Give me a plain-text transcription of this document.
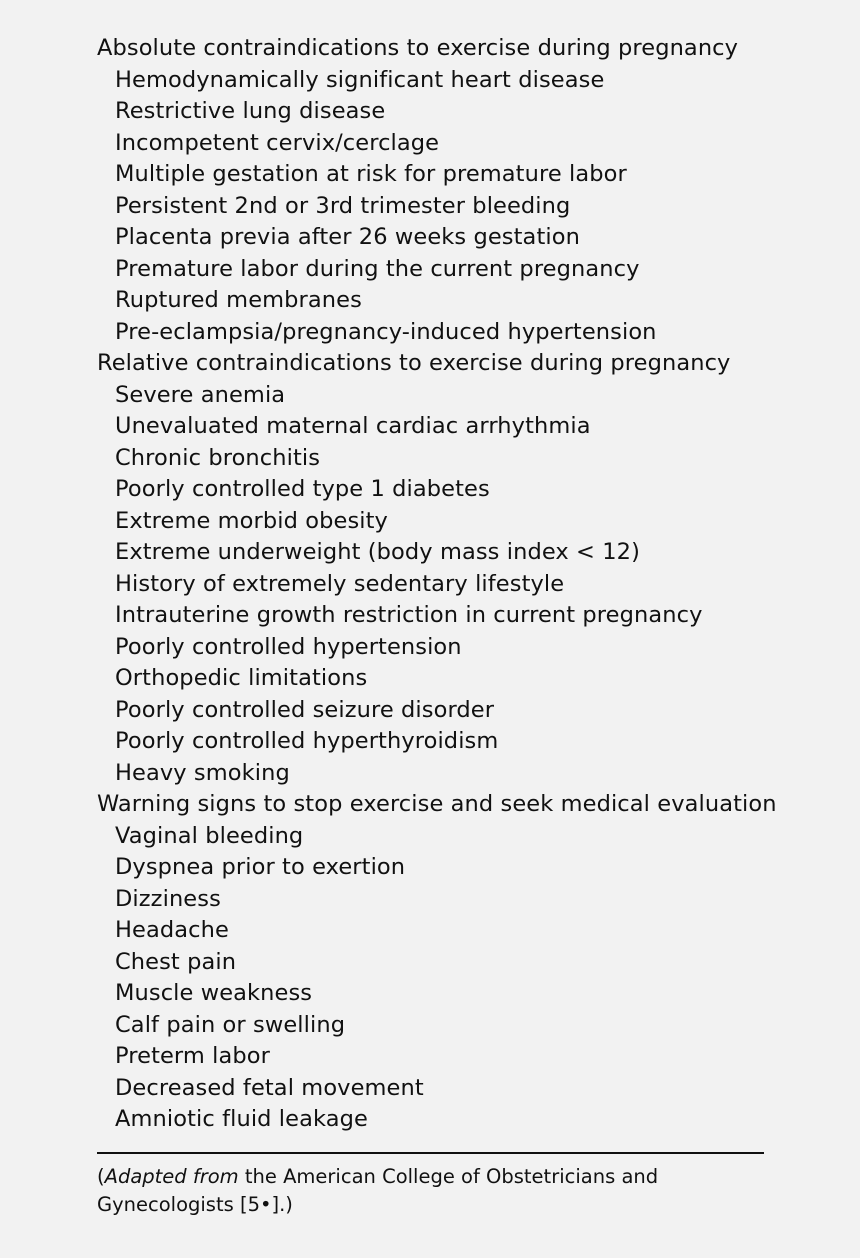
Absolute contraindications to exercise during pregnancy
Hemodynamically significant heart disease
Restrictive lung disease
Incompetent cervix/cerclage
Multiple gestation at risk for premature labor
Persistent 2nd or 3rd trimester bleeding
Placenta previa after 26 weeks gestation
Premature labor during the current pregnancy
Ruptured membranes
Pre-eclampsia/pregnancy-induced hypertension
Relative contraindications to exercise during pregnancy
Severe anemia
Unevaluated maternal cardiac arrhythmia
Chronic bronchitis
Poorly controlled type 1 diabetes
Extreme morbid obesity
Extreme underweight (body mass index < 12)
History of extremely sedentary lifestyle
Intrauterine growth restriction in current pregnancy
Poorly controlled hypertension
Orthopedic limitations
Poorly controlled seizure disorder
Poorly controlled hyperthyroidism
Heavy smoking
Warning signs to stop exercise and seek medical evaluation
Vaginal bleeding
Dyspnea prior to exertion
Dizziness
Headache
Chest pain
Muscle weakness
Calf pain or swelling
Preterm labor
Decreased fetal movement
Amniotic fluid leakage
(Adapted from the American College of Obstetricians and Gynecologists [5•].)
